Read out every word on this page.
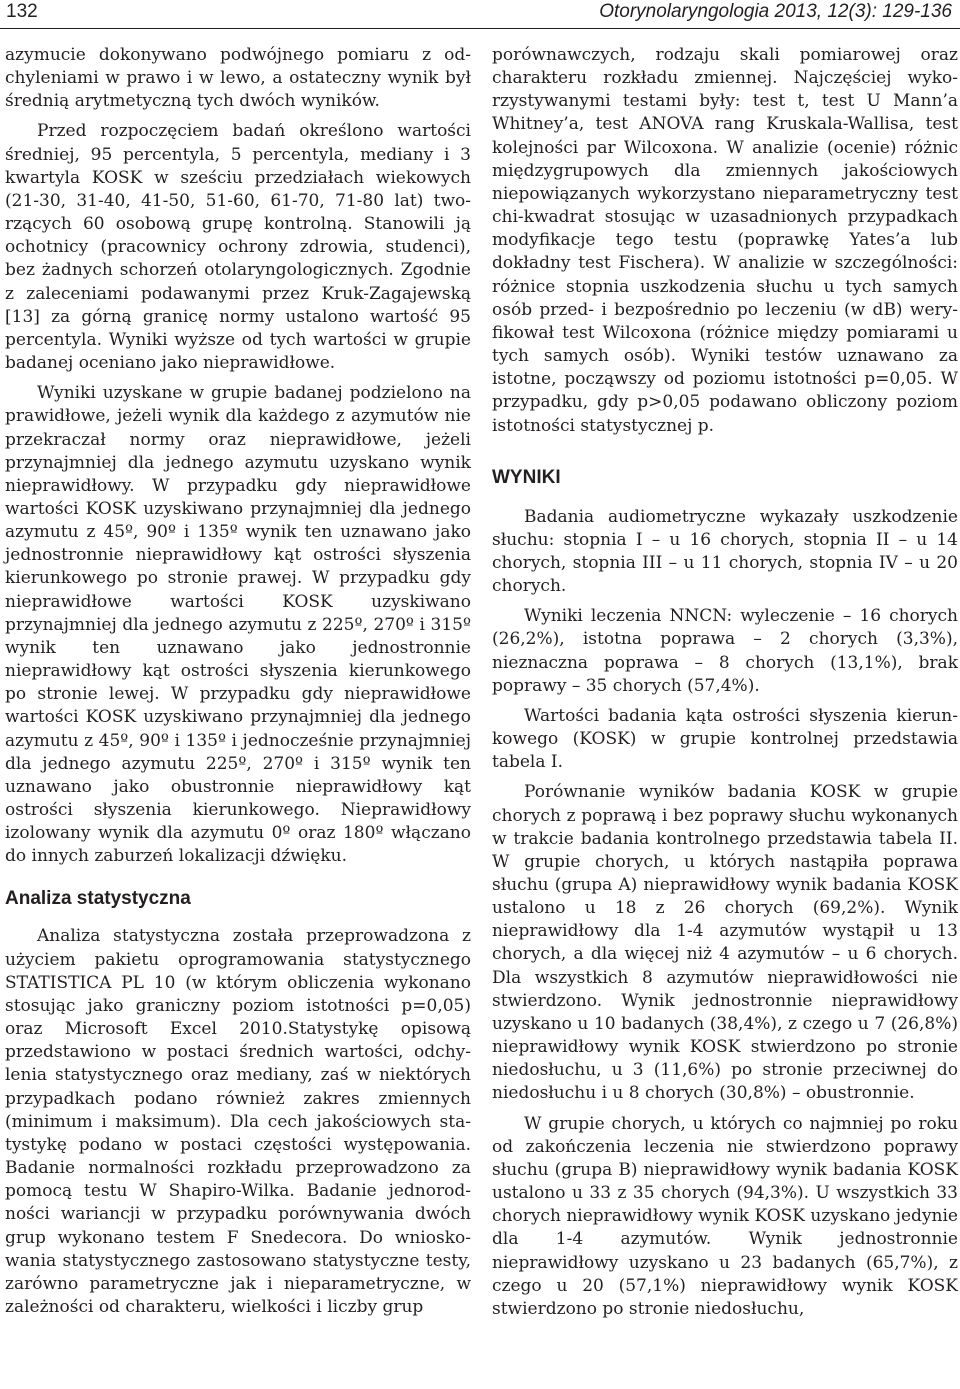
132	Otorynolaryngologia 2013, 12(3): 129-136

azymucie dokonywano podwójnego pomiaru z odchyleniami w prawo i w lewo, a ostateczny wynik był średnią arytmetyczną tych dwóch wyników.

Przed rozpoczęciem badań określono wartości średniej, 95 percentyla, 5 percentyla, mediany i 3 kwartyla KOSK w sześciu przedziałach wiekowych (21-30, 31-40, 41-50, 51-60, 61-70, 71-80 lat) tworzących 60 osobową grupę kontrolną. Stanowili ją ochotnicy (pracownicy ochrony zdrowia, studenci), bez żadnych schorzeń otolaryngologicznych. Zgodnie z zaleceniami podawanymi przez Kruk-Zagajewską [13] za górną granicę normy ustalono wartość 95 percentyla. Wyniki wyższe od tych wartości w grupie badanej oceniano jako nieprawidłowe.

Wyniki uzyskane w grupie badanej podzielono na prawidłowe, jeżeli wynik dla każdego z azymutów nie przekraczał normy oraz nieprawidłowe, jeżeli przynajmniej dla jednego azymutu uzyskano wynik nieprawidłowy. W przypadku gdy nieprawidłowe wartości KOSK uzyskiwano przynajmniej dla jednego azymutu z 45º, 90º i 135º wynik ten uznawano jako jednostronnie nieprawidłowy kąt ostrości słyszenia kierunkowego po stronie prawej. W przypadku gdy nieprawidłowe wartości KOSK uzyskiwano przynajmniej dla jednego azymutu z 225º, 270º i 315º wynik ten uznawano jako jednostronnie nieprawidłowy kąt ostrości słyszenia kierunkowego po stronie lewej. W przypadku gdy nieprawidłowe wartości KOSK uzyskiwano przynajmniej dla jednego azymutu z 45º, 90º i 135º i jednocześnie przynajmniej dla jednego azymutu 225º, 270º i 315º wynik ten uznawano jako obustronnie nieprawidłowy kąt ostrości słyszenia kierunkowego. Nieprawidłowy izolowany wynik dla azymutu 0º oraz 180º włączano do innych zaburzeń lokalizacji dźwięku.

Analiza statystyczna

Analiza statystyczna została przeprowadzona z użyciem pakietu oprogramowania statystycznego STATISTICA PL 10 (w którym obliczenia wykonano stosując jako graniczny poziom istotności p=0,05) oraz Microsoft Excel 2010.Statystykę opisową przedstawiono w postaci średnich wartości, odchylenia statystycznego oraz mediany, zaś w niektórych przypadkach podano również zakres zmiennych (minimum i maksimum). Dla cech jakościowych statystykę podano w postaci częstości występowania. Badanie normalności rozkładu przeprowadzono za pomocą testu W Shapiro-Wilka. Badanie jednorodności wariancji w przypadku porównywania dwóch grup wykonano testem F Snedecora. Do wnioskowania statystycznego zastosowano statystyczne testy, zarówno parametryczne jak i nieparametryczne, w zależności od charakteru, wielkości i liczby grup

porównawczych, rodzaju skali pomiarowej oraz charakteru rozkładu zmiennej. Najczęściej wykorzystywanymi testami były: test t, test U Mann’a Whitney’a, test ANOVA rang Kruskala-Wallisa, test kolejności par Wilcoxona. W analizie (ocenie) różnic międzygrupowych dla zmiennych jakościowych niepowiązanych wykorzystano nieparametryczny test chi-kwadrat stosując w uzasadnionych przypadkach modyfikacje tego testu (poprawkę Yates’a lub dokładny test Fischera). W analizie w szczególności: różnice stopnia uszkodzenia słuchu u tych samych osób przed- i bezpośrednio po leczeniu (w dB) weryfikował test Wilcoxona (różnice między pomiarami u tych samych osób). Wyniki testów uznawano za istotne, począwszy od poziomu istotności p=0,05. W przypadku, gdy p>0,05 podawano obliczony poziom istotności statystycznej p.

WYNIKI

Badania audiometryczne wykazały uszkodzenie słuchu: stopnia I – u 16 chorych, stopnia II – u 14 chorych, stopnia III – u 11 chorych, stopnia IV – u 20 chorych.

Wyniki leczenia NNCN: wyleczenie – 16 chorych (26,2%), istotna poprawa – 2 chorych (3,3%), nieznaczna poprawa – 8 chorych (13,1%), brak poprawy – 35 chorych (57,4%).

Wartości badania kąta ostrości słyszenia kierunkowego (KOSK) w grupie kontrolnej przedstawia tabela I.

Porównanie wyników badania KOSK w grupie chorych z poprawą i bez poprawy słuchu wykonanych w trakcie badania kontrolnego przedstawia tabela II. W grupie chorych, u których nastąpiła poprawa słuchu (grupa A) nieprawidłowy wynik badania KOSK ustalono u 18 z 26 chorych (69,2%). Wynik nieprawidłowy dla 1-4 azymutów wystąpił u 13 chorych, a dla więcej niż 4 azymutów – u 6 chorych. Dla wszystkich 8 azymutów nieprawidłowości nie stwierdzono. Wynik jednostronnie nieprawidłowy uzyskano u 10 badanych (38,4%), z czego u 7 (26,8%) nieprawidłowy wynik KOSK stwierdzono po stronie niedosłuchu, u 3 (11,6%) po stronie przeciwnej do niedosłuchu i u 8 chorych (30,8%) – obustronnie.

W grupie chorych, u których co najmniej po roku od zakończenia leczenia nie stwierdzono poprawy słuchu (grupa B) nieprawidłowy wynik badania KOSK ustalono u 33 z 35 chorych (94,3%). U wszystkich 33 chorych nieprawidłowy wynik KOSK uzyskano jedynie dla 1-4 azymutów. Wynik jednostronnie nieprawidłowy uzyskano u 23 badanych (65,7%), z czego u 20 (57,1%) nieprawidłowy wynik KOSK stwierdzono po stronie niedosłuchu,
